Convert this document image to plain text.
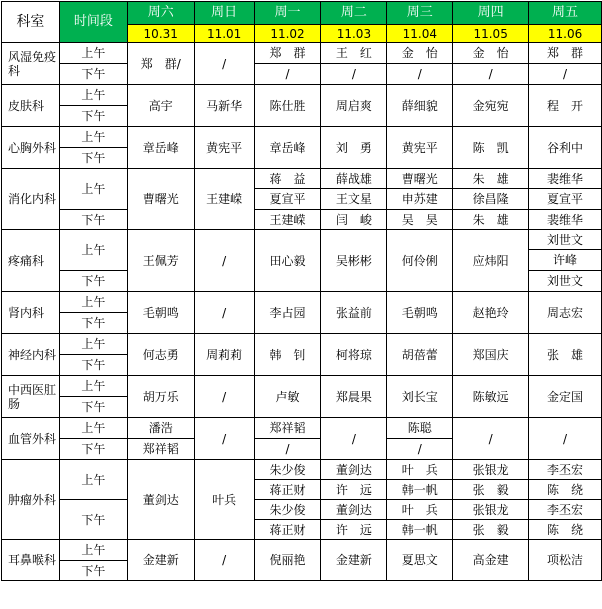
科室	时间段	周六	周日	周一	周二	周三	周四	周五
		10.31	11.01	11.02	11.03	11.04	11.05	11.06
风湿免疫科	上午	郑　群/	/	郑　群	王　红	金　怡	金　怡	郑　群
	下午			/	/	/	/	/
皮肤科	上午	高宇	马新华	陈仕胜	周启爽	薛细貌	金宛宛	程　开
	下午							
心胸外科	上午	章岳峰	黄宪平	章岳峰	刘　勇	黄宪平	陈　凯	谷利中
	下午							
消化内科	上午	曹曙光	王建嵘	蒋　益	薛战雄	曹曙光	朱　雄	裴维华
				夏宣平	王文星	申苏建	徐昌隆	夏宣平
	下午			王建嵘	闫　峻	吴　昊	朱　雄	裴维华
疼痛科	上午	王佩芳	/	田心毅	吴彬彬	何伶俐	应炜阳	刘世文
								许峰
	下午							刘世文
肾内科	上午	毛朝鸣	/	李占园	张益前	毛朝鸣	赵艳玲	周志宏
	下午							
神经内科	上午	何志勇	周莉莉	韩　钊	柯将琼	胡蓓蕾	郑国庆	张　雄
	下午							
中西医肛肠	上午	胡万乐	/	卢敏	郑晨果	刘长宝	陈敏远	金定国
	下午							
血管外科	上午	潘浩	/	郑祥韬	/	陈聪	/	/
	下午	郑祥韬		/		/		
肿瘤外科	上午	董剑达	叶兵	朱少俊	董剑达	叶　兵	张银龙	李丕宏
				蒋正财	许　远	韩一帆	张　毅	陈　绕
	下午			朱少俊	董剑达	叶　兵	张银龙	李丕宏
				蒋正财	许　远	韩一帆	张　毅	陈　绕
耳鼻喉科	上午	金建新	/	倪丽艳	金建新	夏思文	高金建	项松洁
	下午							
